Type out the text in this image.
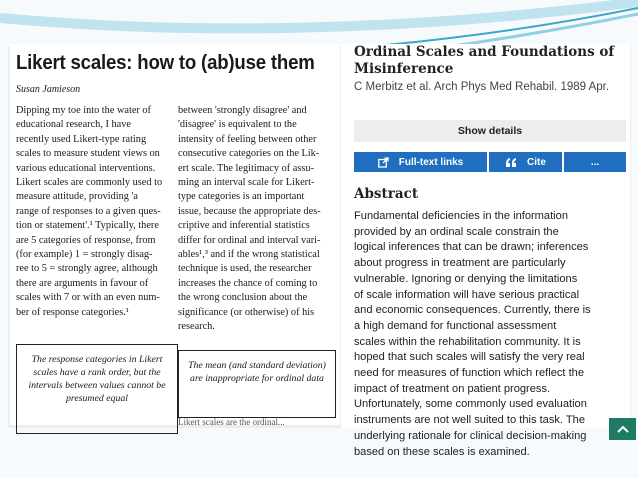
Likert scales: how to (ab)use them
Susan Jamieson
Dipping my toe into the water of
educational research, I have
recently used Likert-type rating
scales to measure student views on
various educational interventions.
Likert scales are commonly used to
measure attitude, providing 'a
range of responses to a given ques-
tion or statement'.¹ Typically, there
are 5 categories of response, from
(for example) 1 = strongly disag-
ree to 5 = strongly agree, although
there are arguments in favour of
scales with 7 or with an even num-
ber of response categories.¹
between 'strongly disagree' and
'disagree' is equivalent to the
intensity of feeling between other
consecutive categories on the Lik-
ert scale. The legitimacy of assu-
ming an interval scale for Likert-
type categories is an important
issue, because the appropriate des-
criptive and inferential statistics
differ for ordinal and interval vari-
ables¹,³ and if the wrong statistical
technique is used, the researcher
increases the chance of coming to
the wrong conclusion about the
significance (or otherwise) of his
research.
The response categories in Likert scales have a rank order, but the intervals between values cannot be presumed equal
The mean (and standard deviation) are inappropriate for ordinal data
Likert scales are the ordinal...
Ordinal Scales and Foundations of Misinference
C Merbitz et al. Arch Phys Med Rehabil. 1989 Apr.
Show details
Full-text links	Cite	...
Abstract
Fundamental deficiencies in the information
provided by an ordinal scale constrain the
logical inferences that can be drawn; inferences
about progress in treatment are particularly
vulnerable. Ignoring or denying the limitations
of scale information will have serious practical
and economic consequences. Currently, there is
a high demand for functional assessment
scales within the rehabilitation community. It is
hoped that such scales will satisfy the very real
need for measures of function which reflect the
impact of treatment on patient progress.
Unfortunately, some commonly used evaluation
instruments are not well suited to this task. The
underlying rationale for clinical decision-making
based on these scales is examined.
